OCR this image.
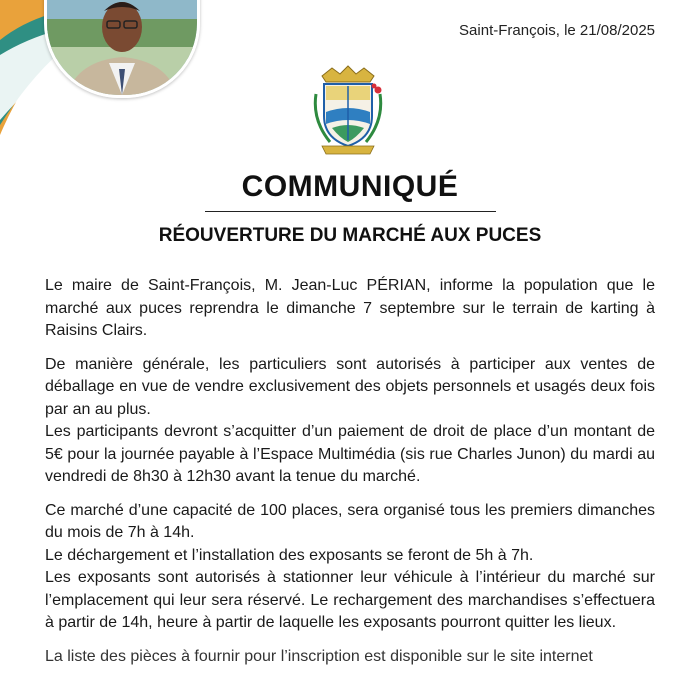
Saint-François, le 21/08/2025
COMMUNIQUÉ
RÉOUVERTURE DU MARCHÉ AUX PUCES

Le maire de Saint-François, M. Jean-Luc PÉRIAN, informe la population que le marché aux puces reprendra le dimanche 7 septembre sur le terrain de karting à Raisins Clairs.

De manière générale, les particuliers sont autorisés à participer aux ventes de déballage en vue de vendre exclusivement des objets personnels et usagés deux fois par an au plus.

Les participants devront s’acquitter d’un paiement de droit de place d’un montant de 5€ pour la journée payable à l’Espace Multimédia (sis rue Charles Junon) du mardi au vendredi de 8h30 à 12h30 avant la tenue du marché.

Ce marché d’une capacité de 100 places, sera organisé tous les premiers dimanches du mois de 7h à 14h.

Le déchargement et l’installation des exposants se feront de 5h à 7h.

Les exposants sont autorisés à stationner leur véhicule à l’intérieur du marché sur l’emplacement qui leur sera réservé. Le rechargement des marchandises s’effectuera à partir de 14h, heure à partir de laquelle les exposants pourront quitter les lieux.

La liste des pièces à fournir pour l’inscription est disponible sur le site internet
